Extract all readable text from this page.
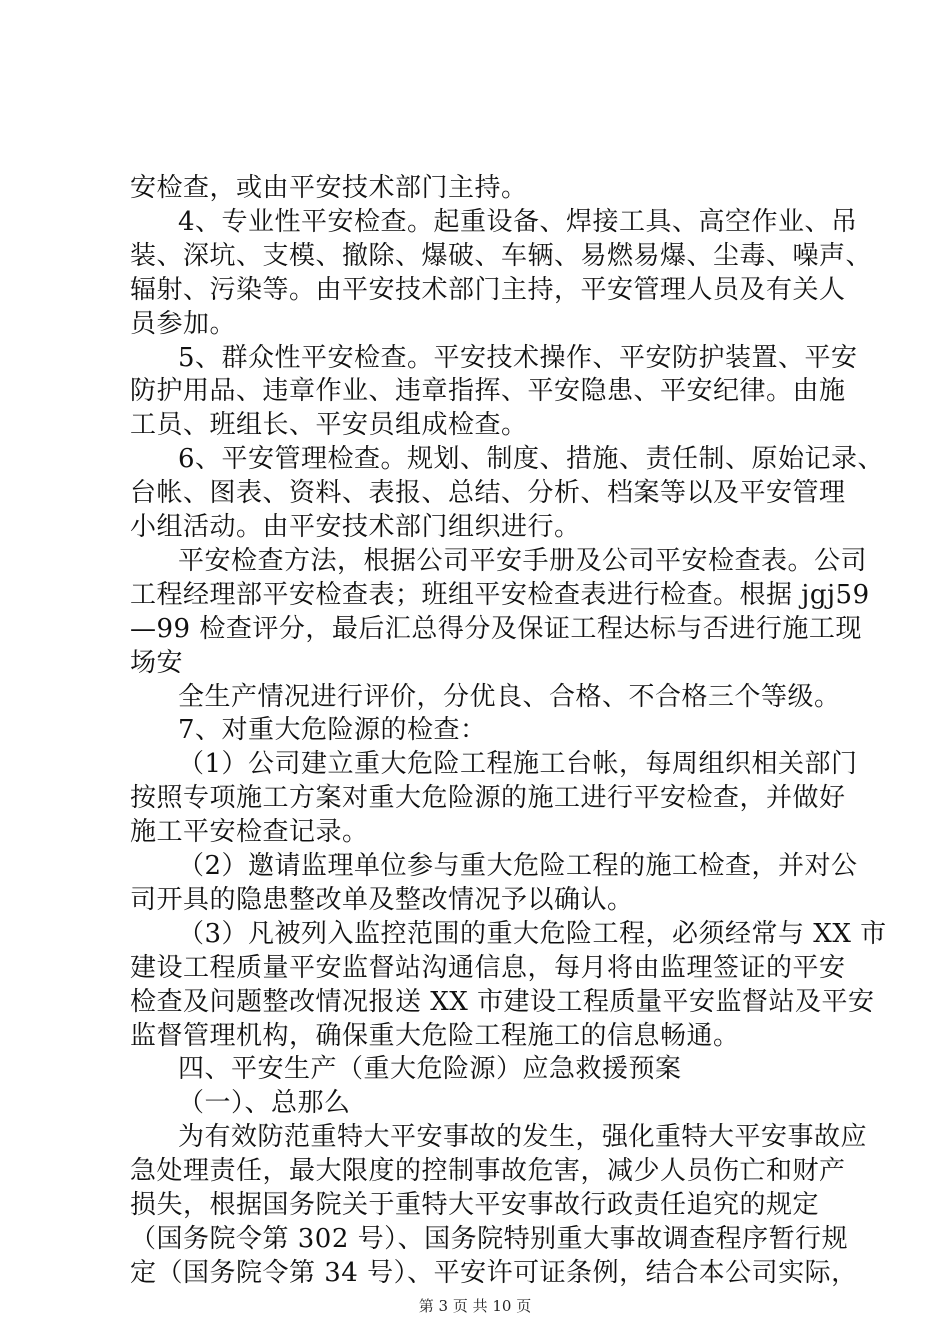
安检查，或由平安技术部门主持。
4、专业性平安检查。起重设备、焊接工具、高空作业、吊
装、深坑、支模、撤除、爆破、车辆、易燃易爆、尘毒、噪声、
辐射、污染等。由平安技术部门主持，平安管理人员及有关人
员参加。
5、群众性平安检查。平安技术操作、平安防护装置、平安
防护用品、违章作业、违章指挥、平安隐患、平安纪律。由施
工员、班组长、平安员组成检查。
6、平安管理检查。规划、制度、措施、责任制、原始记录、
台帐、图表、资料、表报、总结、分析、档案等以及平安管理
小组活动。由平安技术部门组织进行。
平安检查方法，根据公司平安手册及公司平安检查表。公司
工程经理部平安检查表；班组平安检查表进行检查。根据 jgj59
—99 检查评分，最后汇总得分及保证工程达标与否进行施工现
场安
全生产情况进行评价，分优良、合格、不合格三个等级。
7、对重大危险源的检查：
（1）公司建立重大危险工程施工台帐，每周组织相关部门
按照专项施工方案对重大危险源的施工进行平安检查，并做好
施工平安检查记录。
（2）邀请监理单位参与重大危险工程的施工检查，并对公
司开具的隐患整改单及整改情况予以确认。
（3）凡被列入监控范围的重大危险工程，必须经常与 XX 市
建设工程质量平安监督站沟通信息，每月将由监理签证的平安
检查及问题整改情况报送 XX 市建设工程质量平安监督站及平安
监督管理机构，确保重大危险工程施工的信息畅通。
四、平安生产（重大危险源）应急救援预案
（一）、总那么
为有效防范重特大平安事故的发生，强化重特大平安事故应
急处理责任，最大限度的控制事故危害，减少人员伤亡和财产
损失，根据国务院关于重特大平安事故行政责任追究的规定
（国务院令第 302 号）、国务院特别重大事故调查程序暂行规
定（国务院令第 34 号）、平安许可证条例，结合本公司实际，
第 3 页 共 10 页
